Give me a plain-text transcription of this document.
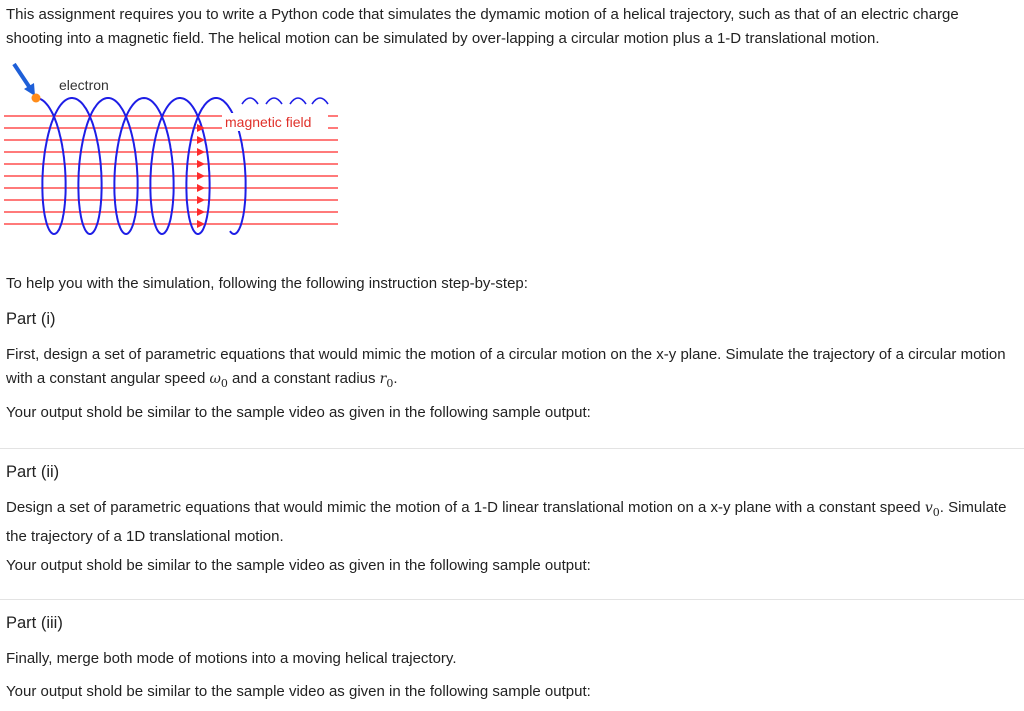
This assignment requires you to write a Python code that simulates the dymamic motion of a helical trajectory, such as that of an electric charge shooting into a magnetic field. The helical motion can be simulated by over-lapping a circular motion plus a 1-D translational motion.

magnetic field
electron

To help you with the simulation, following the following instruction step-by-step:

Part (i)

First, design a set of parametric equations that would mimic the motion of a circular motion on the x-y plane. Simulate the trajectory of a circular motion with a constant angular speed $\omega_0$ and a constant radius $r_0$.

Your output shold be similar to the sample video as given in the following sample output:

Part (ii)

Design a set of parametric equations that would mimic the motion of a 1-D linear translational motion on a x-y plane with a constant speed $v_0$. Simulate the trajectory of a 1D translational motion.

Your output shold be similar to the sample video as given in the following sample output:

Part (iii)

Finally, merge both mode of motions into a moving helical trajectory.

Your output shold be similar to the sample video as given in the following sample output:
